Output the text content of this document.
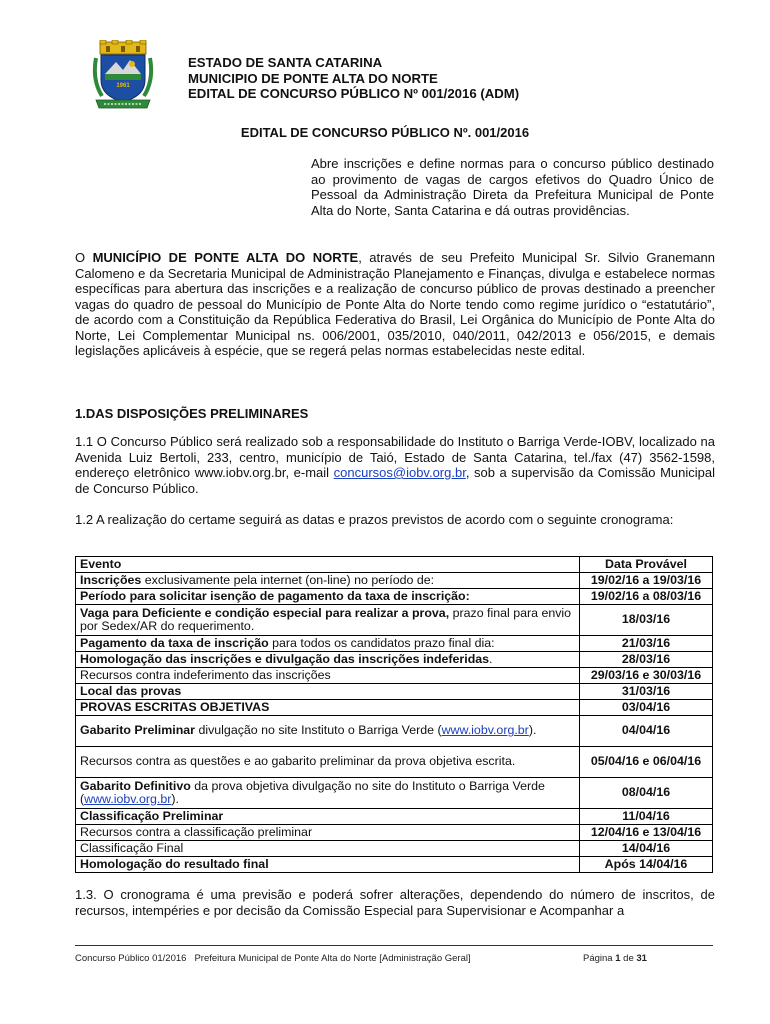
1961
ESTADO DE SANTA CATARINA
MUNICIPIO DE PONTE ALTA DO NORTE
EDITAL DE CONCURSO PÚBLICO Nº 001/2016 (ADM)
EDITAL DE CONCURSO PÚBLICO Nº. 001/2016
Abre inscrições e define normas para o concurso público destinado ao provimento de vagas de cargos efetivos do Quadro Único de Pessoal da Administração Direta da Prefeitura Municipal de Ponte Alta do Norte, Santa Catarina e dá outras providências.

O MUNICÍPIO DE PONTE ALTA DO NORTE, através de seu Prefeito Municipal Sr. Silvio Granemann Calomeno e da Secretaria Municipal de Administração Planejamento e Finanças, divulga e estabelece normas específicas para abertura das inscrições e a realização de concurso público de provas destinado a preencher vagas do quadro de pessoal do Município de Ponte Alta do Norte tendo como regime jurídico o “estatutário”, de acordo com a Constituição da República Federativa do Brasil, Lei Orgânica do Município de Ponte Alta do Norte, Lei Complementar Municipal ns. 006/2001, 035/2010, 040/2011, 042/2013 e 056/2015, e demais legislações aplicáveis à espécie, que se regerá pelas normas estabelecidas neste edital.

1.DAS DISPOSIÇÕES PRELIMINARES

1.1 O Concurso Público será realizado sob a responsabilidade do Instituto o Barriga Verde-IOBV, localizado na Avenida Luiz Bertoli, 233, centro, município de Taió, Estado de Santa Catarina, tel./fax (47) 3562-1598, endereço eletrônico www.iobv.org.br, e-mail concursos@iobv.org.br, sob a supervisão da Comissão Municipal de Concurso Público.

1.2 A realização do certame seguirá as datas e prazos previstos de acordo com o seguinte cronograma:

Evento	Data Provável
Inscrições exclusivamente pela internet (on-line) no período de:	19/02/16 a 19/03/16
Período para solicitar isenção de pagamento da taxa de inscrição:	19/02/16 a 08/03/16
Vaga para Deficiente e condição especial para realizar a prova, prazo final para envio por Sedex/AR do requerimento.	18/03/16
Pagamento da taxa de inscrição para todos os candidatos prazo final dia:	21/03/16
Homologação das inscrições e divulgação das inscrições indeferidas.	28/03/16
Recursos contra indeferimento das inscrições	29/03/16 e 30/03/16
Local das provas	31/03/16
PROVAS ESCRITAS OBJETIVAS	03/04/16
Gabarito Preliminar divulgação no site Instituto o Barriga Verde (www.iobv.org.br).	04/04/16
Recursos contra as questões e ao gabarito preliminar da prova objetiva escrita.	05/04/16 e 06/04/16
Gabarito Definitivo da prova objetiva divulgação no site do Instituto o Barriga Verde (www.iobv.org.br).	08/04/16
Classificação Preliminar	11/04/16
Recursos contra a classificação preliminar	12/04/16 e 13/04/16
Classificação Final	14/04/16
Homologação do resultado final	Após 14/04/16

1.3. O cronograma é uma previsão e poderá sofrer alterações, dependendo do número de inscritos, de recursos, intempéries e por decisão da Comissão Especial para Supervisionar e Acompanhar a

Concurso Público 01/2016 Prefeitura Municipal de Ponte Alta do Norte [Administração Geral]	Página 1 de 31
